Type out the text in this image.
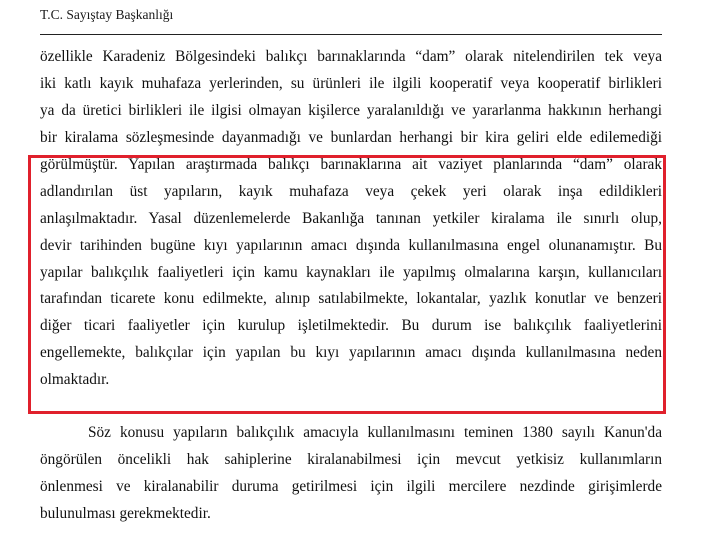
T.C. Sayıştay Başkanlığı
özellikle Karadeniz Bölgesindeki balıkçı barınaklarında “dam” olarak nitelendirilen tek veya
iki katlı kayık muhafaza yerlerinden, su ürünleri ile ilgili kooperatif veya kooperatif birlikleri
ya da üretici birlikleri ile ilgisi olmayan kişilerce yaralanıldığı ve yararlanma hakkının herhangi
bir kiralama sözleşmesinde dayanmadığı ve bunlardan herhangi bir kira geliri elde edilemediği
görülmüştür. Yapılan araştırmada balıkçı barınaklarına ait vaziyet planlarında “dam” olarak
adlandırılan üst yapıların, kayık muhafaza veya çekek yeri olarak inşa edildikleri
anlaşılmaktadır. Yasal düzenlemelerde Bakanlığa tanınan yetkiler kiralama ile sınırlı olup,
devir tarihinden bugüne kıyı yapılarının amacı dışında kullanılmasına engel olunanamıştır. Bu
yapılar balıkçılık faaliyetleri için kamu kaynakları ile yapılmış olmalarına karşın, kullanıcıları
tarafından ticarete konu edilmekte, alınıp satılabilmekte, lokantalar, yazlık konutlar ve benzeri
diğer ticari faaliyetler için kurulup işletilmektedir. Bu durum ise balıkçılık faaliyetlerini
engellemekte, balıkçılar için yapılan bu kıyı yapılarının amacı dışında kullanılmasına neden
olmaktadır.
Söz konusu yapıların balıkçılık amacıyla kullanılmasını teminen 1380 sayılı Kanun'da
öngörülen öncelikli hak sahiplerine kiralanabilmesi için mevcut yetkisiz kullanımların
önlenmesi ve kiralanabilir duruma getirilmesi için ilgili mercilere nezdinde girişimlerde
bulunulması gerekmektedir.
